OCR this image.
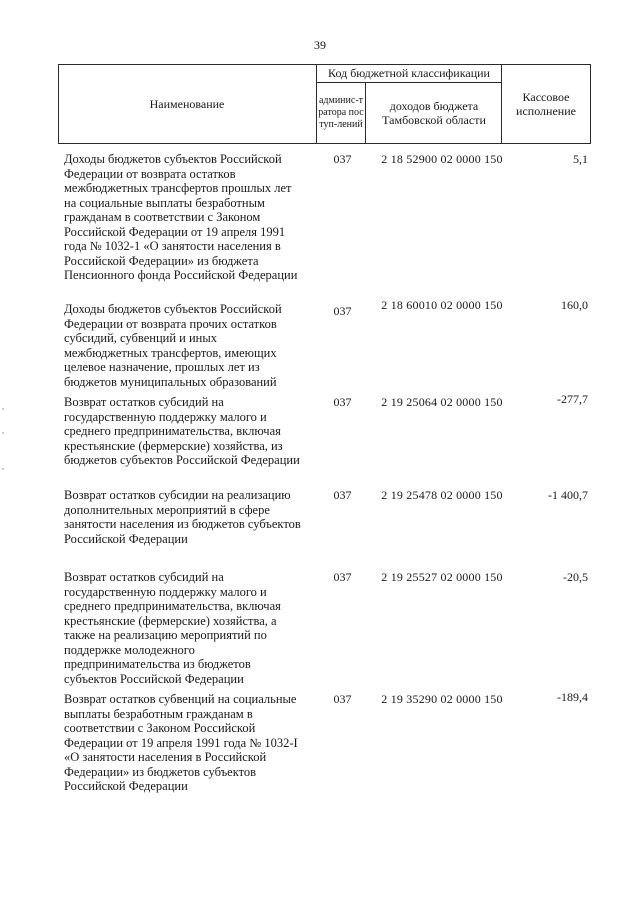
39
Наименование
Код бюджетной классификации
админис-тратора поступ-лений
доходов бюджета Тамбовской области
Кассовое исполнение
Доходы бюджетов субъектов Российской Федерации от возврата остатков межбюджетных трансфертов прошлых лет на социальные выплаты безработным гражданам в соответствии с Законом Российской Федерации от 19 апреля 1991 года № 1032-1 «О занятости населения в Российской Федерации» из бюджета Пенсионного фонда Российской Федерации
037	2 18 52900 02 0000 150	5,1
Доходы бюджетов субъектов Российской Федерации от возврата прочих остатков субсидий, субвенций и иных межбюджетных трансфертов, имеющих целевое назначение, прошлых лет из бюджетов муниципальных образований
037	2 18 60010 02 0000 150	160,0
Возврат остатков субсидий на государственную поддержку малого и среднего предпринимательства, включая крестьянские (фермерские) хозяйства, из бюджетов субъектов Российской Федерации
037	2 19 25064 02 0000 150	-277,7
Возврат остатков субсидии на реализацию дополнительных мероприятий в сфере занятости населения из бюджетов субъектов Российской Федерации
037	2 19 25478 02 0000 150	-1 400,7
Возврат остатков субсидий на государственную поддержку малого и среднего предпринимательства, включая крестьянские (фермерские) хозяйства, а также на реализацию мероприятий по поддержке молодежного предпринимательства из бюджетов субъектов Российской Федерации
037	2 19 25527 02 0000 150	-20,5
Возврат остатков субвенций на социальные выплаты безработным гражданам в соответствии с Законом Российской Федерации от 19 апреля 1991 года № 1032-I «О занятости населения в Российской Федерации» из бюджетов субъектов Российской Федерации
037	2 19 35290 02 0000 150	-189,4
